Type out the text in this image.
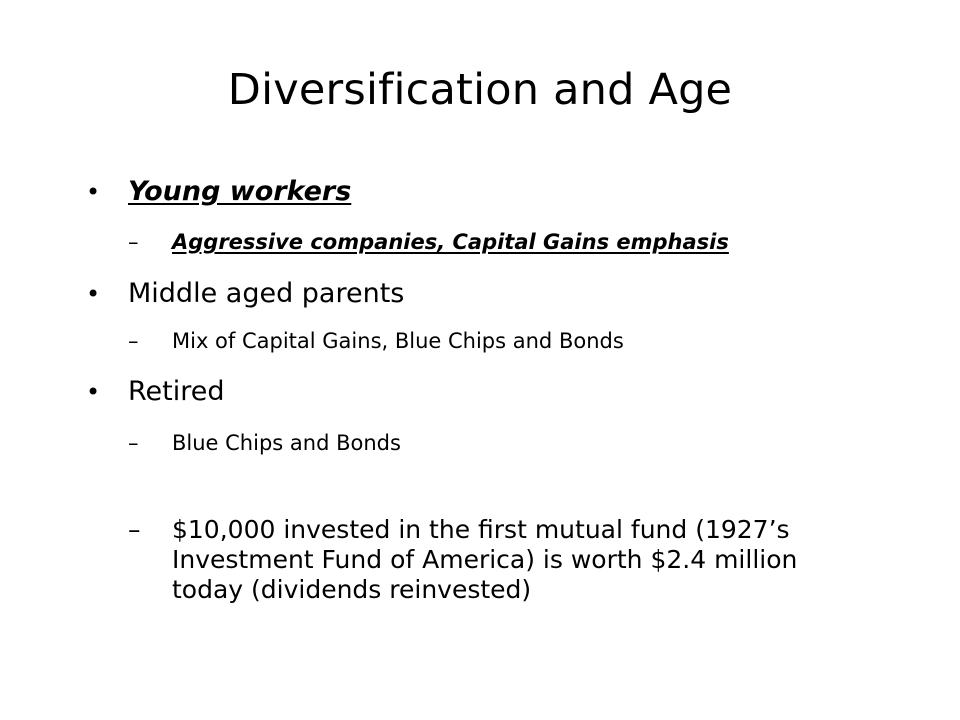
Diversification and Age
• Young workers
– Aggressive companies, Capital Gains emphasis
• Middle aged parents
– Mix of Capital Gains, Blue Chips and Bonds
• Retired
– Blue Chips and Bonds
– $10,000 invested in the first mutual fund (1927’s Investment Fund of America) is worth $2.4 million today (dividends reinvested)
